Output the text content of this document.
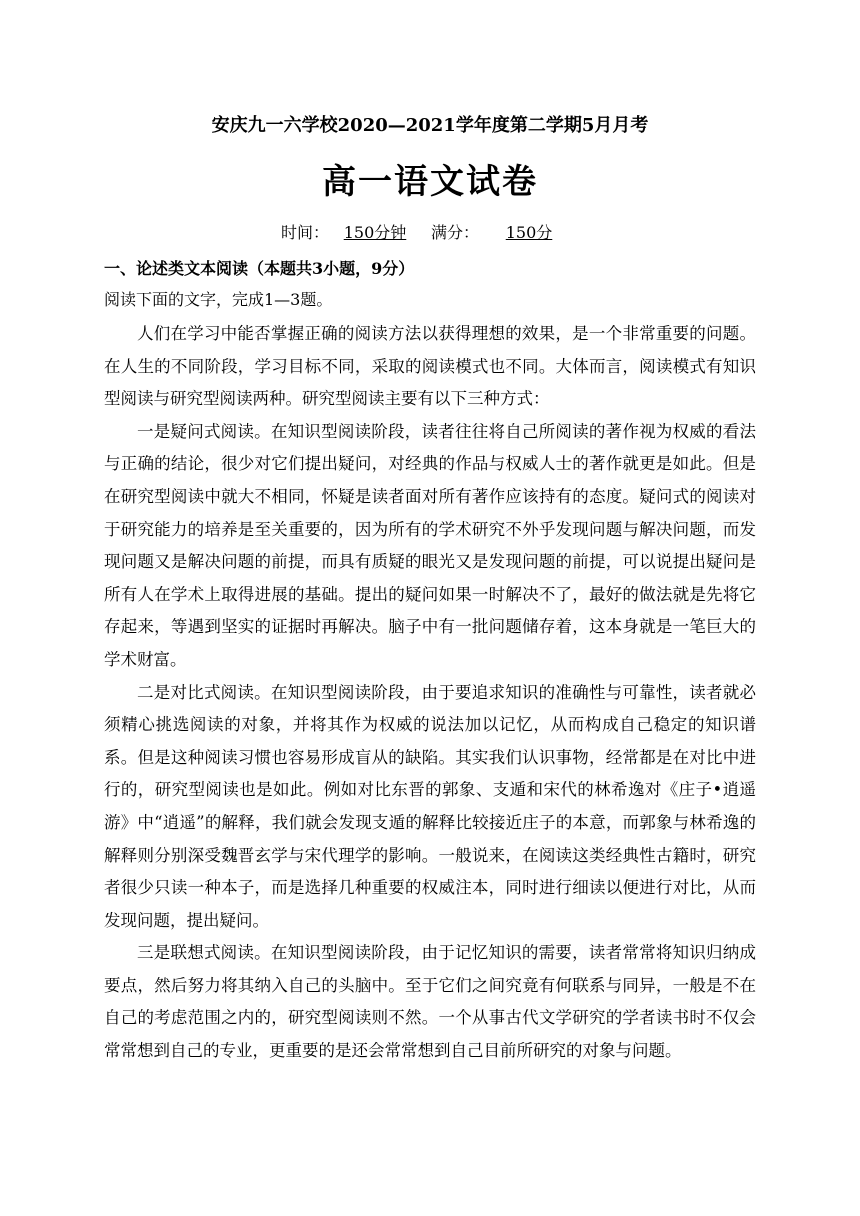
安庆九一六学校2020—2021学年度第二学期5月月考
高一语文试卷
时间： 150分钟 满分： 150分
一、论述类文本阅读（本题共3小题，9分）
阅读下面的文字，完成1—3题。

人们在学习中能否掌握正确的阅读方法以获得理想的效果，是一个非常重要的问题。在人生的不同阶段，学习目标不同，采取的阅读模式也不同。大体而言，阅读模式有知识型阅读与研究型阅读两种。研究型阅读主要有以下三种方式：

一是疑问式阅读。在知识型阅读阶段，读者往往将自己所阅读的著作视为权威的看法与正确的结论，很少对它们提出疑问，对经典的作品与权威人士的著作就更是如此。但是在研究型阅读中就大不相同，怀疑是读者面对所有著作应该持有的态度。疑问式的阅读对于研究能力的培养是至关重要的，因为所有的学术研究不外乎发现问题与解决问题，而发现问题又是解决问题的前提，而具有质疑的眼光又是发现问题的前提，可以说提出疑问是所有人在学术上取得进展的基础。提出的疑问如果一时解决不了，最好的做法就是先将它存起来，等遇到坚实的证据时再解决。脑子中有一批问题储存着，这本身就是一笔巨大的学术财富。

二是对比式阅读。在知识型阅读阶段，由于要追求知识的准确性与可靠性，读者就必须精心挑选阅读的对象，并将其作为权威的说法加以记忆，从而构成自己稳定的知识谱系。但是这种阅读习惯也容易形成盲从的缺陷。其实我们认识事物，经常都是在对比中进行的，研究型阅读也是如此。例如对比东晋的郭象、支遁和宋代的林希逸对《庄子•逍遥游》中“逍遥”的解释，我们就会发现支遁的解释比较接近庄子的本意，而郭象与林希逸的解释则分别深受魏晋玄学与宋代理学的影响。一般说来，在阅读这类经典性古籍时，研究者很少只读一种本子，而是选择几种重要的权威注本，同时进行细读以便进行对比，从而发现问题，提出疑问。

三是联想式阅读。在知识型阅读阶段，由于记忆知识的需要，读者常常将知识归纳成要点，然后努力将其纳入自己的头脑中。至于它们之间究竟有何联系与同异，一般是不在自己的考虑范围之内的，研究型阅读则不然。一个从事古代文学研究的学者读书时不仅会常常想到自己的专业，更重要的是还会常常想到自己目前所研究的对象与问题。
